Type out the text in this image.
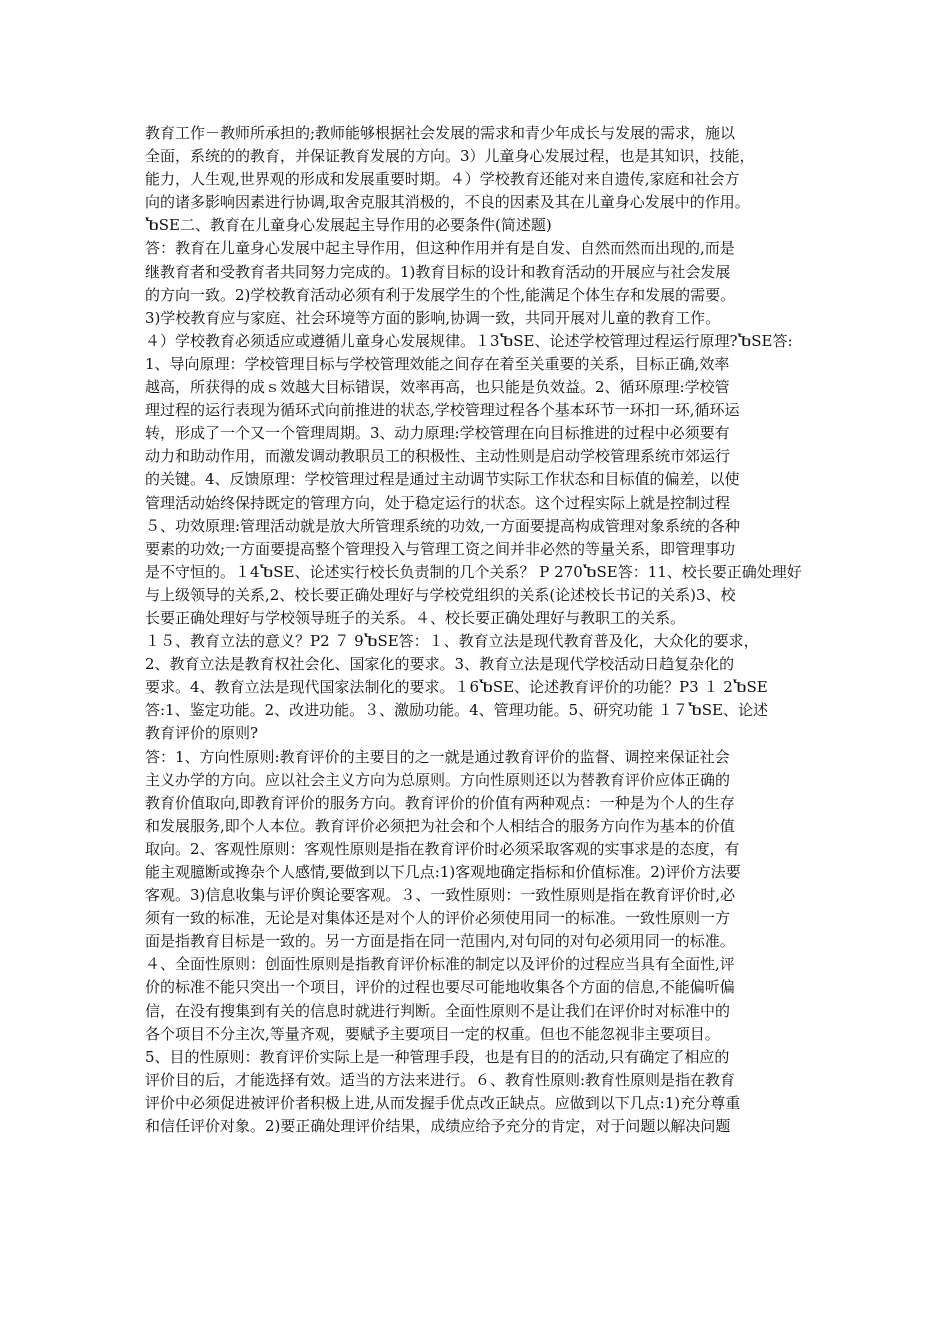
教育工作－教师所承担的;教师能够根据社会发展的需求和青少年成长与发展的需求，施以
全面，系统的的教育，并保证教育发展的方向。3）儿童身心发展过程，也是其知识，技能，
能力，人生观,世界观的形成和发展重要时期。４）学校教育还能对来自遗传,家庭和社会方
向的诸多影响因素进行协调,取舍克服其消极的，不良的因素及其在儿童身心发展中的作用。
ႦSE二、教育在儿童身心发展起主导作用的必要条件(简述题)
答：教育在儿童身心发展中起主导作用，但这种作用并有是自发、自然而然而出现的,而是
继教育者和受教育者共同努力完成的。1)教育目标的设计和教育活动的开展应与社会发展
的方向一致。2)学校教育活动必须有利于发展学生的个性,能满足个体生存和发展的需要。
3)学校教育应与家庭、社会环境等方面的影响,协调一致，共同开展对儿童的教育工作。
４）学校教育必须适应或遵循儿童身心发展规律。１3ႦSE、论述学校管理过程运行原理?ႦSE答:
1、导向原理：学校管理目标与学校管理效能之间存在着至关重要的关系，目标正确,效率
越高，所获得的成ｓ效越大目标错误，效率再高，也只能是负效益。2、循环原理:学校管
理过程的运行表现为循环式向前推进的状态,学校管理过程各个基本环节一环扣一环,循环运
转，形成了一个又一个管理周期。3、动力原理:学校管理在向目标推进的过程中必须要有
动力和助动作用，而激发调动教职员工的积极性、主动性则是启动学校管理系统市郊运行
的关键。4、反馈原理：学校管理过程是通过主动调节实际工作状态和目标值的偏差，以使
管理活动始终保持既定的管理方向，处于稳定运行的状态。这个过程实际上就是控制过程
５、功效原理:管理活动就是放大所管理系统的功效,一方面要提高构成管理对象系统的各种
要素的功效;一方面要提高整个管理投入与管理工资之间并非必然的等量关系，即管理事功
是不守恒的。１4ႦSE、论述实行校长负责制的几个关系？ P 270ႦSE答：11、校长要正确处理好
与上级领导的关系,2、校长要正确处理好与学校党组织的关系(论述校长书记的关系)3、校
长要正确处理好与学校领导班子的关系。４、校长要正确处理好与教职工的关系。
１５、教育立法的意义？P2 ７ 9ႦSE答：１、教育立法是现代教育普及化，大众化的要求，
2、教育立法是教育权社会化、国家化的要求。3、教育立法是现代学校活动日趋复杂化的
要求。4、教育立法是现代国家法制化的要求。１6ႦSE、论述教育评价的功能？P3 １ 2ႦSE
答:1、鉴定功能。2、改进功能。３、激励功能。4、管理功能。5、研究功能 １７ႦSE、论述
教育评价的原则?
答：1、方向性原则:教育评价的主要目的之一就是通过教育评价的监督、调控来保证社会
主义办学的方向。应以社会主义方向为总原则。方向性原则还以为替教育评价应体正确的
教育价值取向,即教育评价的服务方向。教育评价的价值有两种观点：一种是为个人的生存
和发展服务,即个人本位。教育评价必须把为社会和个人相结合的服务方向作为基本的价值
取向。2、客观性原则：客观性原则是指在教育评价时必须采取客观的实事求是的态度，有
能主观臆断或搀杂个人感情,要做到以下几点:1)客观地确定指标和价值标准。2)评价方法要
客观。3)信息收集与评价舆论要客观。３、一致性原则：一致性原则是指在教育评价时,必
须有一致的标准，无论是对集体还是对个人的评价必须使用同一的标准。一致性原则一方
面是指教育目标是一致的。另一方面是指在同一范围内,对句同的对句必须用同一的标准。
４、全面性原则：创面性原则是指教育评价标准的制定以及评价的过程应当具有全面性,评
价的标准不能只突出一个项目，评价的过程也要尽可能地收集各个方面的信息,不能偏听偏
信，在没有搜集到有关的信息时就进行判断。全面性原则不是让我们在评价时对标准中的
各个项目不分主次,等量齐观，要赋予主要项目一定的权重。但也不能忽视非主要项目。
5、目的性原则：教育评价实际上是一种管理手段，也是有目的的活动,只有确定了相应的
评价目的后，才能选择有效。适当的方法来进行。６、教育性原则:教育性原则是指在教育
评价中必须促进被评价者积极上进,从而发握手优点改正缺点。应做到以下几点:1)充分尊重
和信任评价对象。2)要正确处理评价结果，成绩应给予充分的肯定，对于问题以解决问题
